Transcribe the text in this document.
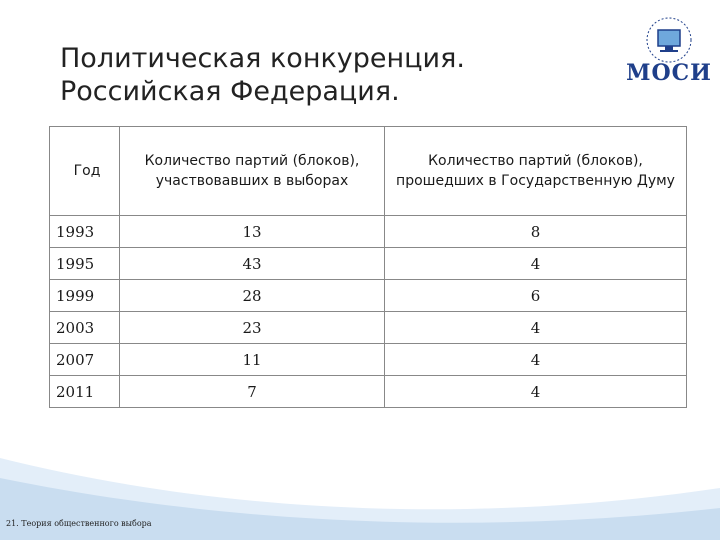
Политическая конкуренция.
Российская Федерация.
МОСИ
Год	Количество партий (блоков), участвовавших в выборах	Количество партий (блоков), прошедших в Государственную Думу
1993	13	8
1995	43	4
1999	28	6
2003	23	4
2007	11	4
2011	7	4
21. Теория общественного выбора
